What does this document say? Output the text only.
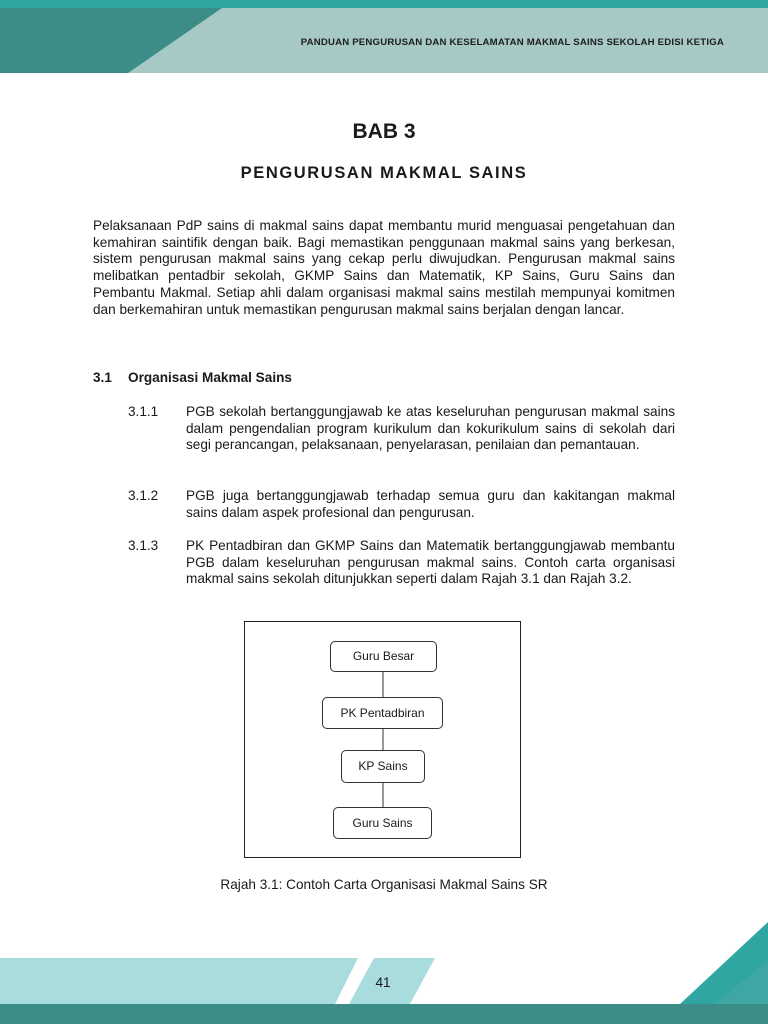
PANDUAN PENGURUSAN DAN KESELAMATAN MAKMAL SAINS SEKOLAH EDISI KETIGA
BAB 3
PENGURUSAN MAKMAL SAINS

Pelaksanaan PdP sains di makmal sains dapat membantu murid menguasai pengetahuan dan kemahiran saintifik dengan baik. Bagi memastikan penggunaan makmal sains yang berkesan, sistem pengurusan makmal sains yang cekap perlu diwujudkan. Pengurusan makmal sains melibatkan pentadbir sekolah, GKMP Sains dan Matematik, KP Sains, Guru Sains dan Pembantu Makmal. Setiap ahli dalam organisasi makmal sains mestilah mempunyai komitmen dan berkemahiran untuk memastikan pengurusan makmal sains berjalan dengan lancar.

3.1 Organisasi Makmal Sains
3.1.1 PGB sekolah bertanggungjawab ke atas keseluruhan pengurusan makmal sains dalam pengendalian program kurikulum dan kokurikulum sains di sekolah dari segi perancangan, pelaksanaan, penyelarasan, penilaian dan pemantauan.
3.1.2 PGB juga bertanggungjawab terhadap semua guru dan kakitangan makmal sains dalam aspek profesional dan pengurusan.
3.1.3 PK Pentadbiran dan GKMP Sains dan Matematik bertanggungjawab membantu PGB dalam keseluruhan pengurusan makmal sains. Contoh carta organisasi makmal sains sekolah ditunjukkan seperti dalam Rajah 3.1 dan Rajah 3.2.
Guru Besar
PK Pentadbiran
KP Sains
Guru Sains
Rajah 3.1: Contoh Carta Organisasi Makmal Sains SR
41
